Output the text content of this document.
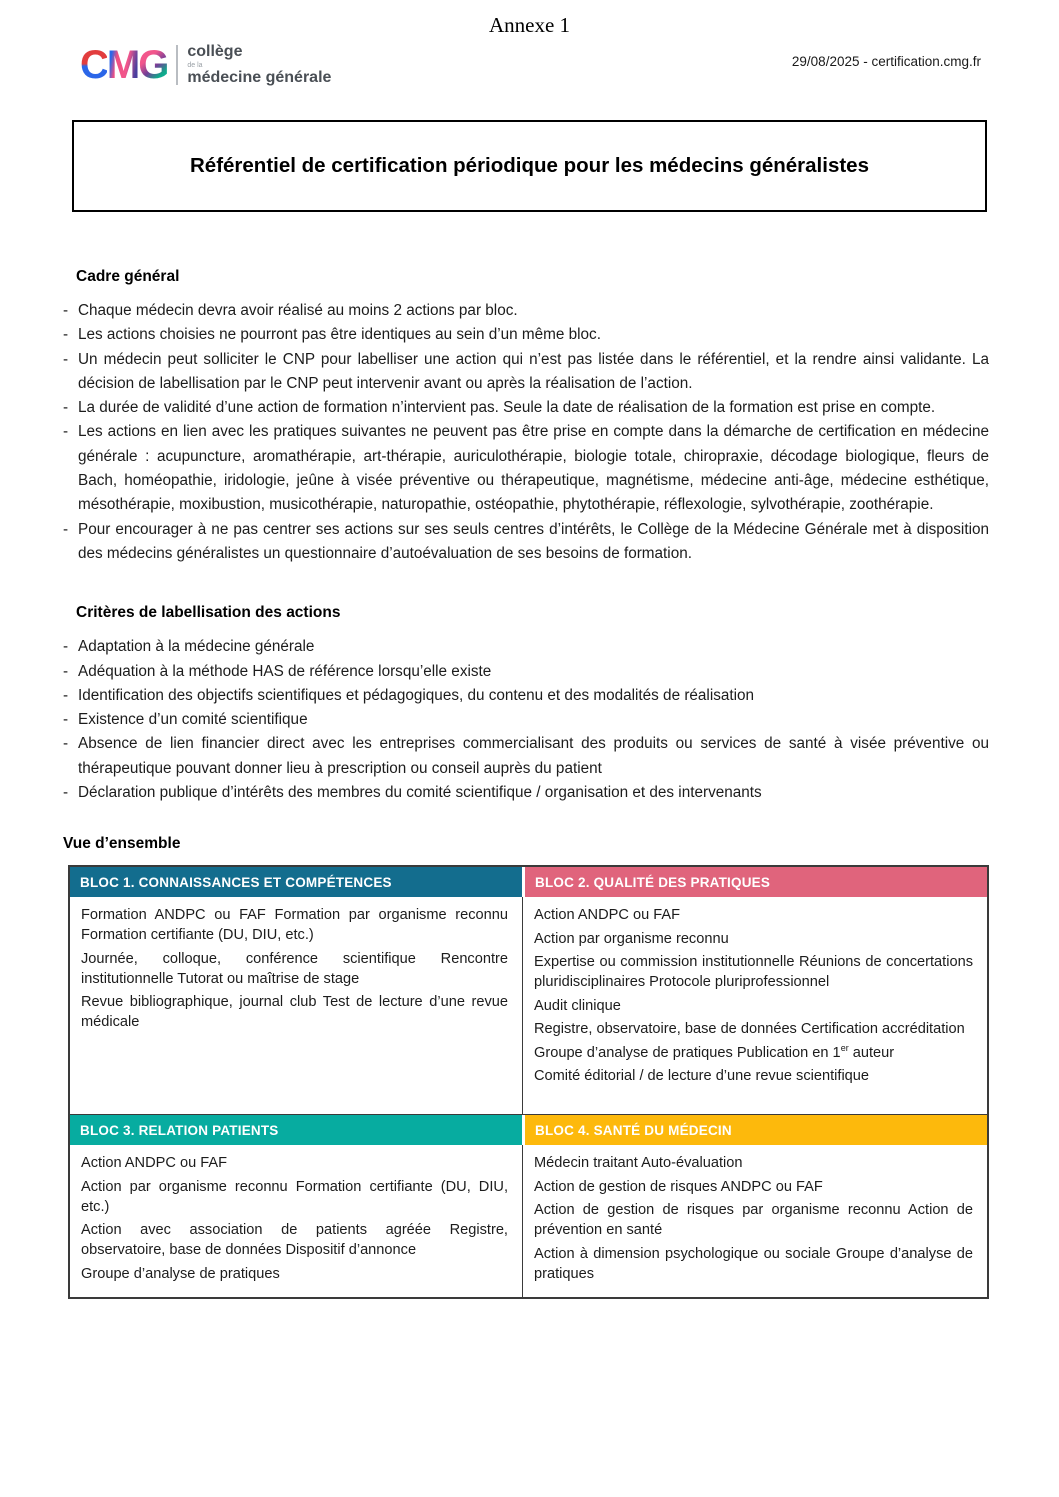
Annexe 1
C M G collège
de la
médecine générale
29/08/2025 - certification.cmg.fr
Référentiel de certification périodique pour les médecins généralistes
Cadre général
- Chaque médecin devra avoir réalisé au moins 2 actions par bloc.
- Les actions choisies ne pourront pas être identiques au sein d’un même bloc.
- Un médecin peut solliciter le CNP pour labelliser une action qui n’est pas listée dans le référentiel, et la rendre ainsi validante. La décision de labellisation par le CNP peut intervenir avant ou après la réalisation de l’action.
- La durée de validité d’une action de formation n’intervient pas. Seule la date de réalisation de la formation est prise en compte.
- Les actions en lien avec les pratiques suivantes ne peuvent pas être prise en compte dans la démarche de certification en médecine générale : acupuncture, aromathérapie, art-thérapie, auriculothérapie, biologie totale, chiropraxie, décodage biologique, fleurs de Bach, homéopathie, iridologie, jeûne à visée préventive ou thérapeutique, magnétisme, médecine anti-âge, médecine esthétique, mésothérapie, moxibustion, musicothérapie, naturopathie, ostéopathie, phytothérapie, réflexologie, sylvothérapie, zoothérapie.
- Pour encourager à ne pas centrer ses actions sur ses seuls centres d’intérêts, le Collège de la Médecine Générale met à disposition des médecins généralistes un questionnaire d’autoévaluation de ses besoins de formation.
Critères de labellisation des actions
- Adaptation à la médecine générale
- Adéquation à la méthode HAS de référence lorsqu’elle existe
- Identification des objectifs scientifiques et pédagogiques, du contenu et des modalités de réalisation
- Existence d’un comité scientifique
- Absence de lien financier direct avec les entreprises commercialisant des produits ou services de santé à visée préventive ou thérapeutique pouvant donner lieu à prescription ou conseil auprès du patient
- Déclaration publique d’intérêts des membres du comité scientifique / organisation et des intervenants
Vue d’ensemble
BLOC 1. CONNAISSANCES ET COMPÉTENCES	BLOC 2. QUALITÉ DES PRATIQUES

Formation ANDPC ou FAF Formation par organisme reconnu Formation certifiante (DU, DIU, etc.)

Journée, colloque, conférence scientifique Rencontre institutionnelle Tutorat ou maîtrise de stage

Revue bibliographique, journal club Test de lecture d’une revue médicale

Action ANDPC ou FAF

Action par organisme reconnu

Expertise ou commission institutionnelle Réunions de concertations pluridisciplinaires Protocole pluriprofessionnel

Audit clinique

Registre, observatoire, base de données Certification accréditation

Groupe d’analyse de pratiques Publication en 1er auteur

Comité éditorial / de lecture d’une revue scientifique

BLOC 3. RELATION PATIENTS	BLOC 4. SANTÉ DU MÉDECIN

Action ANDPC ou FAF

Action par organisme reconnu Formation certifiante (DU, DIU, etc.)

Action avec association de patients agréée Registre, observatoire, base de données Dispositif d’annonce

Groupe d’analyse de pratiques

Médecin traitant Auto-évaluation

Action de gestion de risques ANDPC ou FAF

Action de gestion de risques par organisme reconnu Action de prévention en santé

Action à dimension psychologique ou sociale Groupe d’analyse de pratiques
